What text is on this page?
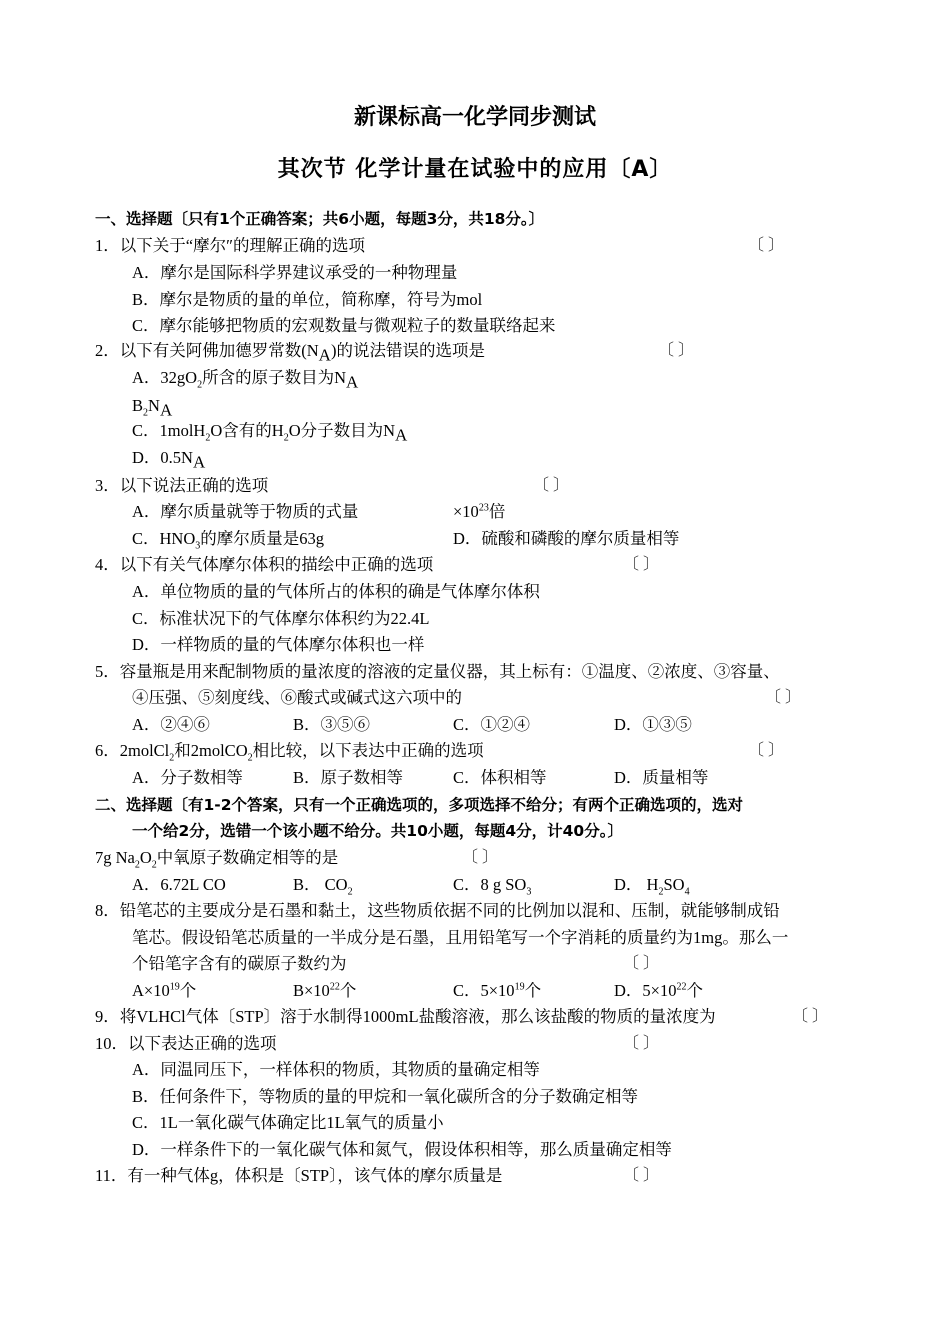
新课标高一化学同步测试
其次节 化学计量在试验中的应用〔A〕
一、选择题〔只有1个正确答案；共6小题，每题3分，共18分。〕
1．以下关于“摩尔″的理解正确的选项	〔 〕
A．摩尔是国际科学界建议承受的一种物理量
B．摩尔是物质的量的单位，简称摩，符号为mol
C．摩尔能够把物质的宏观数量与微观粒子的数量联络起来
2．以下有关阿佛加德罗常数$(N_A)$的说法错误的选项是	〔 〕
A．$32gO_2$所含的原子数目为$N_A$
$B_2N_A$
C．1molH$_2$O含有的$H_2O$分子数目为$N_A$
D．$0.5N_A$
3．以下说法正确的选项	〔 〕
A．摩尔质量就等于物质的式量	$\times 10^{23}$倍
C．$HNO_3$的摩尔质量是63g	D．硫酸和磷酸的摩尔质量相等
4．以下有关气体摩尔体积的描绘中正确的选项	〔 〕
A．单位物质的量的气体所占的体积的确是气体摩尔体积
C．标准状况下的气体摩尔体积约为22.4L
D．一样物质的量的气体摩尔体积也一样
5．容量瓶是用来配制物质的量浓度的溶液的定量仪器，其上标有：①温度、②浓度、③容量、
④压强、⑤刻度线、⑥酸式或碱式这六项中的	〔 〕
A．②④⑥	B．③⑤⑥	C．①②④	D．①③⑤
6．2molCl$_2$和2molCO$_2$相比较，以下表达中正确的选项	〔 〕
A．分子数相等	B．原子数相等	C．体积相等	D．质量相等
二、选择题〔有1-2个答案，只有一个正确选项的，多项选择不给分；有两个正确选项的，选对
一个给2分，选错一个该小题不给分。共10小题，每题4分，计40分。〕
7g $Na_2O_2$中氧原子数确定相等的是	〔 〕
A．6.72L CO	B． $CO_2$	C．8 g $SO_3$	D． $H_2SO_4$
8．铅笔芯的主要成分是石墨和黏土，这些物质依据不同的比例加以混和、压制，就能够制成铅
笔芯。假设铅笔芯质量的一半成分是石墨，且用铅笔写一个字消耗的质量约为1mg。那么一
个铅笔字含有的碳原子数约为	〔 〕
$A\times 10^{19}$个	$B\times 10^{22}$个	C．$5\times 10^{19}$个	D．$5\times 10^{22}$个
9．将VLHCl气体〔STP〕溶于水制得1000mL盐酸溶液，那么该盐酸的物质的量浓度为	〔 〕
10．以下表达正确的选项	〔 〕
A．同温同压下，一样体积的物质，其物质的量确定相等
B．任何条件下，等物质的量的甲烷和一氧化碳所含的分子数确定相等
C．1L一氧化碳气体确定比1L氧气的质量小
D．一样条件下的一氧化碳气体和氮气，假设体积相等，那么质量确定相等
11．有一种气体g，体积是〔STP〕，该气体的摩尔质量是	〔 〕
